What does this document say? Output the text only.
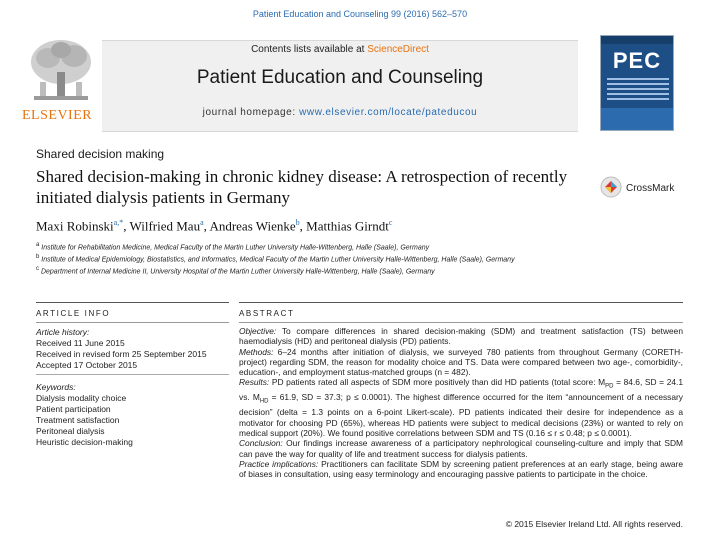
Patient Education and Counseling 99 (2016) 562–570
ELSEVIER
Contents lists available at ScienceDirect
Patient Education and Counseling
journal homepage: www.elsevier.com/locate/pateducou
PEC
Shared decision making
Shared decision-making in chronic kidney disease: A retrospection of recently initiated dialysis patients in Germany	CrossMark
Maxi Robinski$^{a,*}$, Wilfried Mau$^a$, Andreas Wienke$^b$, Matthias Girndt$^c$
$^a$ Institute for Rehabilitation Medicine, Medical Faculty of the Martin Luther University Halle-Wittenberg, Halle (Saale), Germany
$^b$ Institute of Medical Epidemiology, Biostatistics, and Informatics, Medical Faculty of the Martin Luther University Halle-Wittenberg, Halle (Saale), Germany
$^c$ Department of Internal Medicine II, University Hospital of the Martin Luther University Halle-Wittenberg, Halle (Saale), Germany
ARTICLE INFO	ABSTRACT
Article history:
Received 11 June 2015
Received in revised form 25 September 2015
Accepted 17 October 2015
Keywords:
Dialysis modality choice
Patient participation
Treatment satisfaction
Peritoneal dialysis
Heuristic decision-making

Objective: To compare differences in shared decision-making (SDM) and treatment satisfaction (TS) between haemodialysis (HD) and peritoneal dialysis (PD) patients.

Methods: 6–24 months after initiation of dialysis, we surveyed 780 patients from throughout Germany (CORETH-project) regarding SDM, the reason for modality choice and TS. Data were compared between two age-, comorbidity-, education-, and employment status-matched groups (n = 482).

Results: PD patients rated all aspects of SDM more positively than did HD patients (total score: $M_{PD} = 84.6$, SD = 24.1 vs. $M_{HD} = 61.9$, SD = 37.3; p ≤ 0.0001). The highest difference occurred for the item “announcement of a necessary decision” (delta = 1.3 points on a 6-point Likert-scale). PD patients indicated their desire for independence as a motivator for choosing PD (65%), whereas HD patients were subject to medical decisions (23%) or wanted to rely on medical support (20%). We found positive correlations between SDM and TS (0.16 ≤ r ≤ 0.48; p ≤ 0.0001).

Conclusion: Our findings increase awareness of a participatory nephrological counseling-culture and imply that SDM can pave the way for quality of life and treatment success for dialysis patients.

Practice implications: Practitioners can facilitate SDM by screening patient preferences at an early stage, being aware of biases in consultation, using easy terminology and encouraging passive patients to participate in the choice.

© 2015 Elsevier Ireland Ltd. All rights reserved.
